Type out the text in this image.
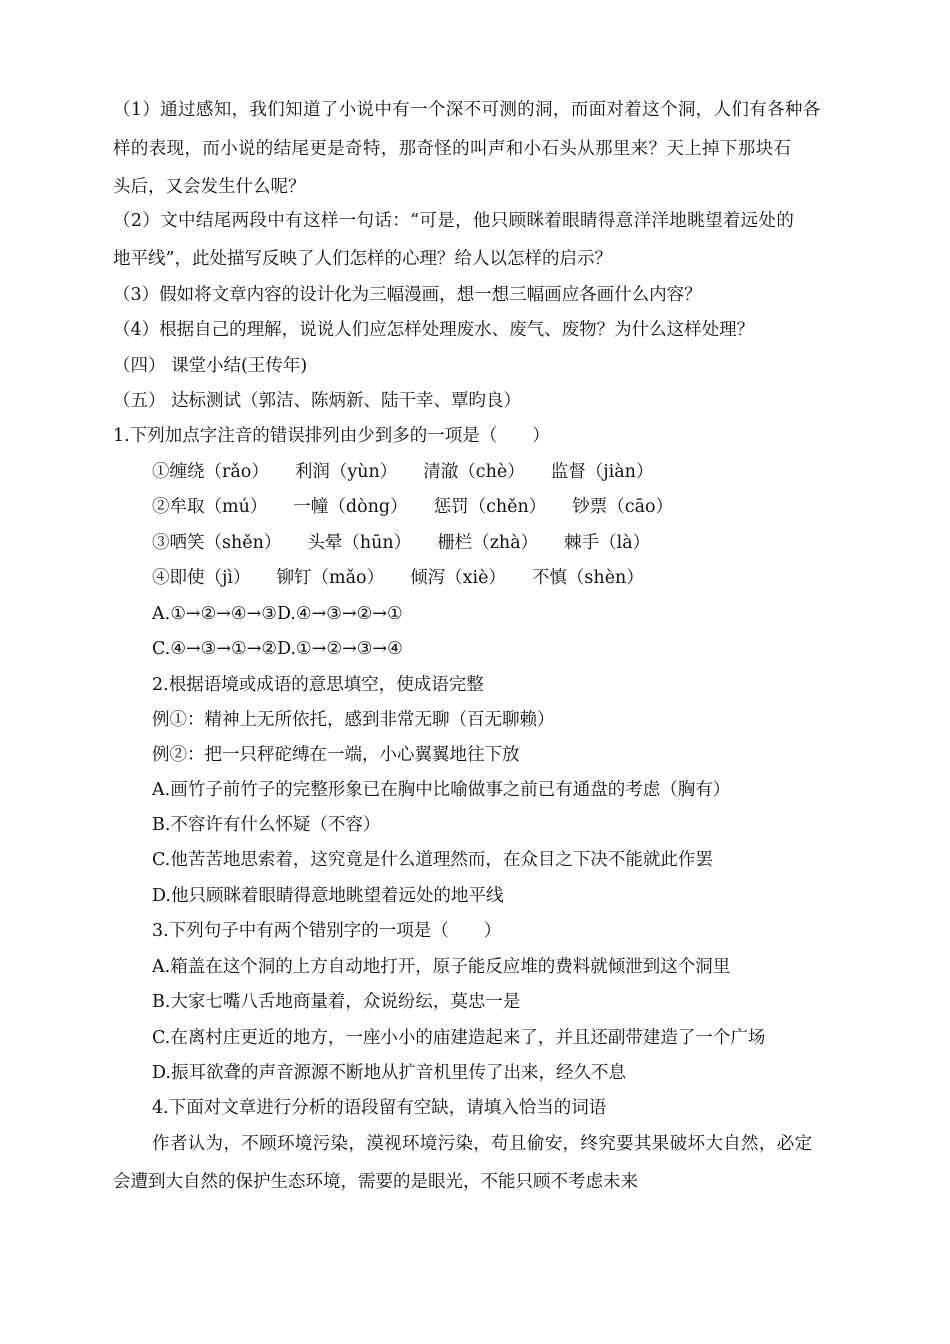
（1）通过感知，我们知道了小说中有一个深不可测的洞，而面对着这个洞，人们有各种各
样的表现，而小说的结尾更是奇特，那奇怪的叫声和小石头从那里来？天上掉下那块石
头后，又会发生什么呢？
（2）文中结尾两段中有这样一句话：“可是，他只顾眯着眼睛得意洋洋地眺望着远处的
地平线”，此处描写反映了人们怎样的心理？给人以怎样的启示？
（3）假如将文章内容的设计化为三幅漫画，想一想三幅画应各画什么内容？
（4）根据自己的理解，说说人们应怎样处理废水、废气、废物？为什么这样处理？
（四） 课堂小结(王传年)
（五） 达标测试（郭洁、陈炳新、陆干幸、覃昀良）
1.下列加点字注音的错误排列由少到多的一项是（　　）
①缠绕（rǎo） 利润（yùn） 清澈（chè） 监督（jiàn）
②牟取（mú） 一幢（dòng） 惩罚（chěn） 钞票（cāo）
③哂笑（shěn） 头晕（hūn） 栅栏（zhà） 棘手（là）
④即使（jì） 铆钉（mǎo） 倾泻（xiè） 不慎（shèn）
A.①→②→④→③D.④→③→②→①
C.④→③→①→②D.①→②→③→④
2.根据语境或成语的意思填空，使成语完整
例①：精神上无所依托，感到非常无聊（百无聊赖）
例②：把一只秤砣缚在一端，小心翼翼地往下放
A.画竹子前竹子的完整形象已在胸中比喻做事之前已有通盘的考虑（胸有）
B.不容许有什么怀疑（不容）
C.他苦苦地思索着，这究竟是什么道理然而，在众目之下决不能就此作罢
D.他只顾眯着眼睛得意地眺望着远处的地平线
3.下列句子中有两个错别字的一项是（　　）
A.箱盖在这个洞的上方自动地打开，原子能反应堆的费料就倾泄到这个洞里
B.大家七嘴八舌地商量着，众说纷纭，莫忠一是
C.在离村庄更近的地方，一座小小的庙建造起来了，并且还副带建造了一个广场
D.振耳欲聋的声音源源不断地从扩音机里传了出来，经久不息
4.下面对文章进行分析的语段留有空缺，请填入恰当的词语
作者认为，不顾环境污染，漠视环境污染，苟且偷安，终究要其果破坏大自然，必定
会遭到大自然的保护生态环境，需要的是眼光，不能只顾不考虑未来
